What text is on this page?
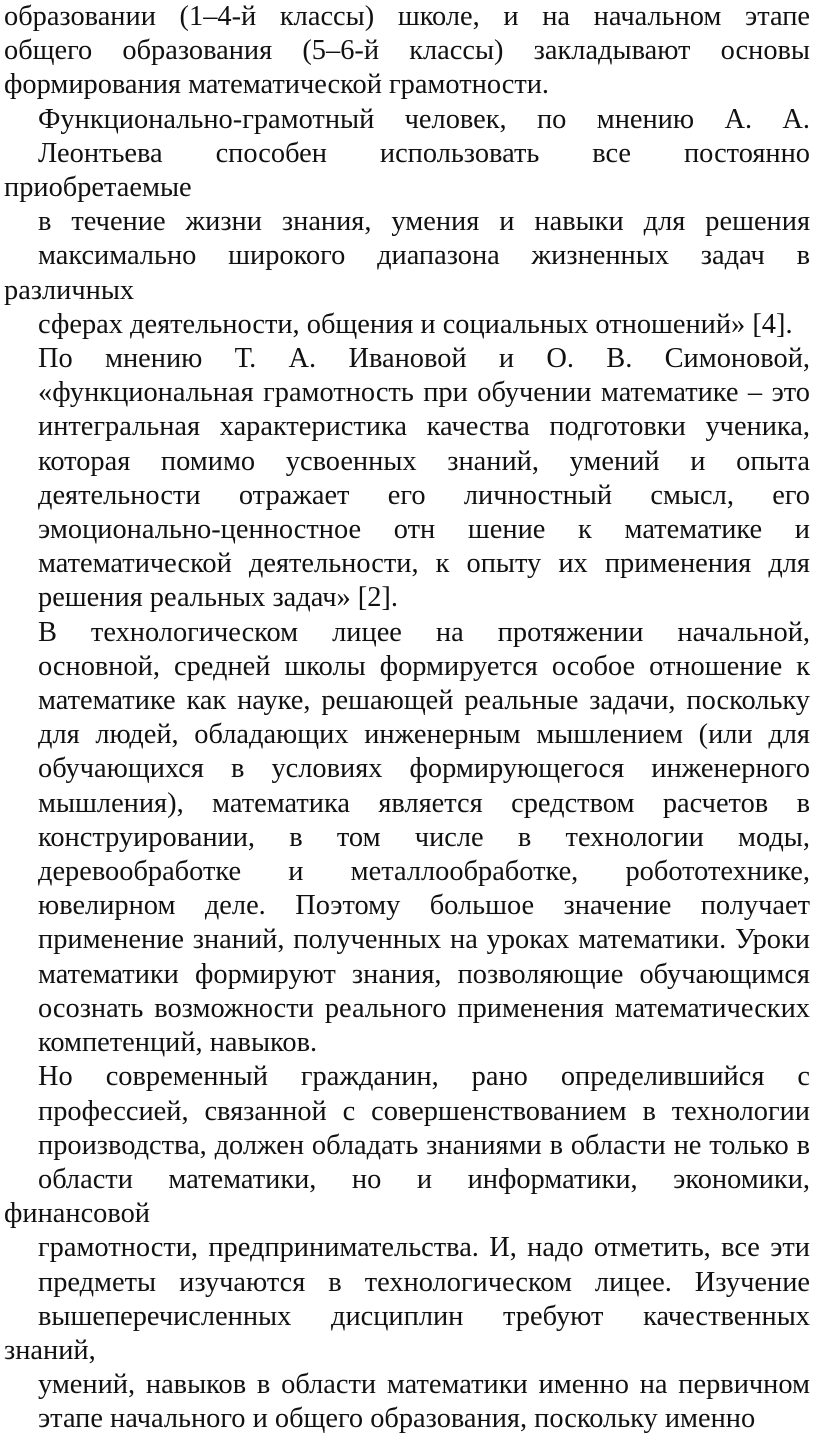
образовании (1–4-й классы) школе, и на начальном этапе
общего образования (5–6-й классы) закладывают основы
формирования математической грамотности.

Функционально-грамотный человек, по мнению А. А.
Леонтьева способен использовать все постоянно приобретаемые
в течение жизни знания, умения и навыки для решения
максимально широкого диапазона жизненных задач в различных
сферах деятельности, общения и социальных отношений» [4].

По мнению Т. А. Ивановой и О. В. Симоновой,
«функциональная грамотность при обучении математике – это
интегральная характеристика качества подготовки ученика,
которая помимо усвоенных знаний, умений и опыта
деятельности отражает его личностный смысл, его
эмоционально-ценностное отн шение к математике и
математической деятельности, к опыту их применения для
решения реальных задач» [2].

В технологическом лицее на протяжении начальной,
основной, средней школы формируется особое отношение к
математике как науке, решающей реальные задачи, поскольку
для людей, обладающих инженерным мышлением (или для
обучающихся в условиях формирующегося инженерного
мышления), математика является средством расчетов в
конструировании, в том числе в технологии моды,
деревообработке и металлообработке, робототехнике,
ювелирном деле. Поэтому большое значение получает
применение знаний, полученных на уроках математики. Уроки
математики формируют знания, позволяющие обучающимся
осознать возможности реального применения математических
компетенций, навыков.

Но современный гражданин, рано определившийся с
профессией, связанной с совершенствованием в технологии
производства, должен обладать знаниями в области не только в
области математики, но и информатики, экономики, финансовой
грамотности, предпринимательства. И, надо отметить, все эти
предметы изучаются в технологическом лицее. Изучение
вышеперечисленных дисциплин требуют качественных знаний,
умений, навыков в области математики именно на первичном
этапе начального и общего образования, поскольку именно
